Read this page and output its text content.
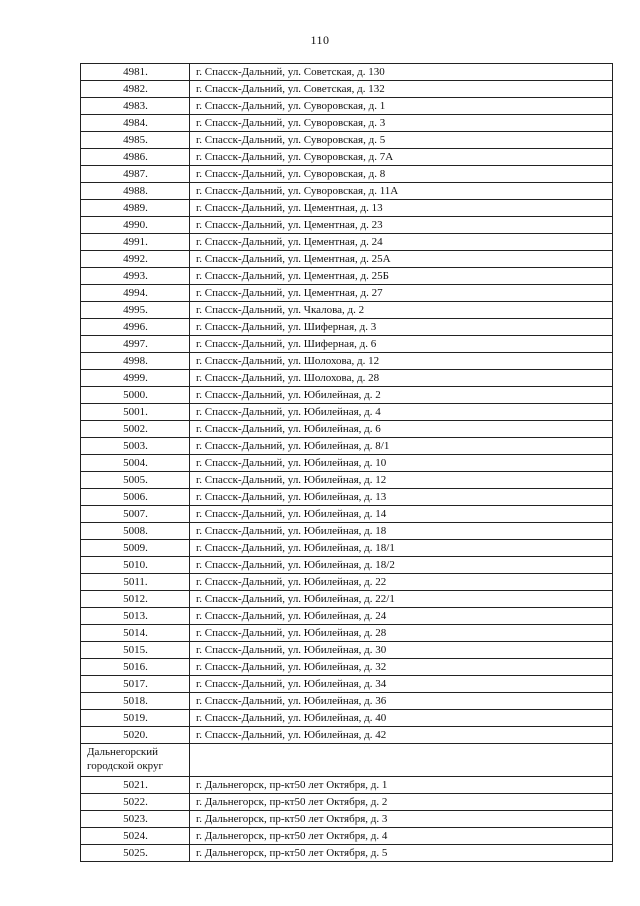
110
4981.	г. Спасск-Дальний, ул. Советская, д. 130
4982.	г. Спасск-Дальний, ул. Советская, д. 132
4983.	г. Спасск-Дальний, ул. Суворовская, д. 1
4984.	г. Спасск-Дальний, ул. Суворовская, д. 3
4985.	г. Спасск-Дальний, ул. Суворовская, д. 5
4986.	г. Спасск-Дальний, ул. Суворовская, д. 7А
4987.	г. Спасск-Дальний, ул. Суворовская, д. 8
4988.	г. Спасск-Дальний, ул. Суворовская, д. 11А
4989.	г. Спасск-Дальний, ул. Цементная, д. 13
4990.	г. Спасск-Дальний, ул. Цементная, д. 23
4991.	г. Спасск-Дальний, ул. Цементная, д. 24
4992.	г. Спасск-Дальний, ул. Цементная, д. 25А
4993.	г. Спасск-Дальний, ул. Цементная, д. 25Б
4994.	г. Спасск-Дальний, ул. Цементная, д. 27
4995.	г. Спасск-Дальний, ул. Чкалова, д. 2
4996.	г. Спасск-Дальний, ул. Шиферная, д. 3
4997.	г. Спасск-Дальний, ул. Шиферная, д. 6
4998.	г. Спасск-Дальний, ул. Шолохова, д. 12
4999.	г. Спасск-Дальний, ул. Шолохова, д. 28
5000.	г. Спасск-Дальний, ул. Юбилейная, д. 2
5001.	г. Спасск-Дальний, ул. Юбилейная, д. 4
5002.	г. Спасск-Дальний, ул. Юбилейная, д. 6
5003.	г. Спасск-Дальний, ул. Юбилейная, д. 8/1
5004.	г. Спасск-Дальний, ул. Юбилейная, д. 10
5005.	г. Спасск-Дальний, ул. Юбилейная, д. 12
5006.	г. Спасск-Дальний, ул. Юбилейная, д. 13
5007.	г. Спасск-Дальний, ул. Юбилейная, д. 14
5008.	г. Спасск-Дальний, ул. Юбилейная, д. 18
5009.	г. Спасск-Дальний, ул. Юбилейная, д. 18/1
5010.	г. Спасск-Дальний, ул. Юбилейная, д. 18/2
5011.	г. Спасск-Дальний, ул. Юбилейная, д. 22
5012.	г. Спасск-Дальний, ул. Юбилейная, д. 22/1
5013.	г. Спасск-Дальний, ул. Юбилейная, д. 24
5014.	г. Спасск-Дальний, ул. Юбилейная, д. 28
5015.	г. Спасск-Дальний, ул. Юбилейная, д. 30
5016.	г. Спасск-Дальний, ул. Юбилейная, д. 32
5017.	г. Спасск-Дальний, ул. Юбилейная, д. 34
5018.	г. Спасск-Дальний, ул. Юбилейная, д. 36
5019.	г. Спасск-Дальний, ул. Юбилейная, д. 40
5020.	г. Спасск-Дальний, ул. Юбилейная, д. 42

Дальнегорский
городской округ	

5021.	г. Дальнегорск, пр-кт50 лет Октября, д. 1
5022.	г. Дальнегорск, пр-кт50 лет Октября, д. 2
5023.	г. Дальнегорск, пр-кт50 лет Октября, д. 3
5024.	г. Дальнегорск, пр-кт50 лет Октября, д. 4
5025.	г. Дальнегорск, пр-кт50 лет Октября, д. 5
